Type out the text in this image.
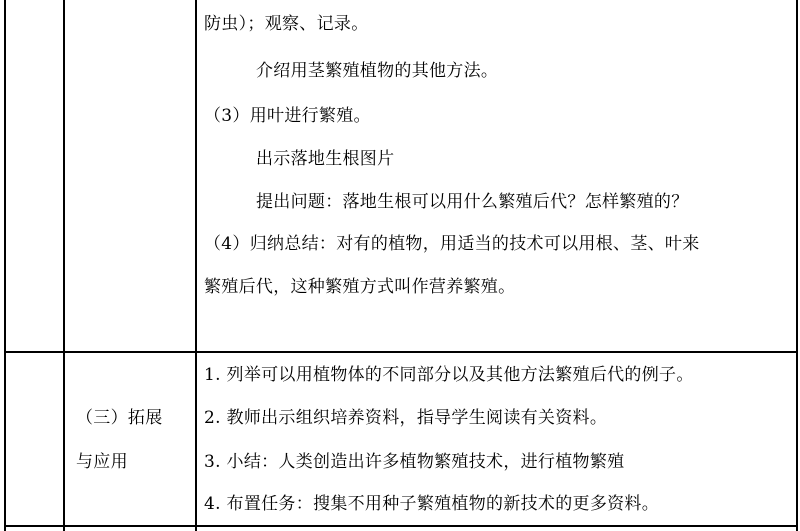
防虫）；观察、记录。
介绍用茎繁殖植物的其他方法。
（3）用叶进行繁殖。
出示落地生根图片
提出问题：落地生根可以用什么繁殖后代？怎样繁殖的？
（4）归纳总结：对有的植物，用适当的技术可以用根、茎、叶来
繁殖后代，这种繁殖方式叫作营养繁殖。
（三）拓展
与应用
1. 列举可以用植物体的不同部分以及其他方法繁殖后代的例子。
2. 教师出示组织培养资料，指导学生阅读有关资料。
3. 小结：人类创造出许多植物繁殖技术，进行植物繁殖
4. 布置任务：搜集不用种子繁殖植物的新技术的更多资料。
